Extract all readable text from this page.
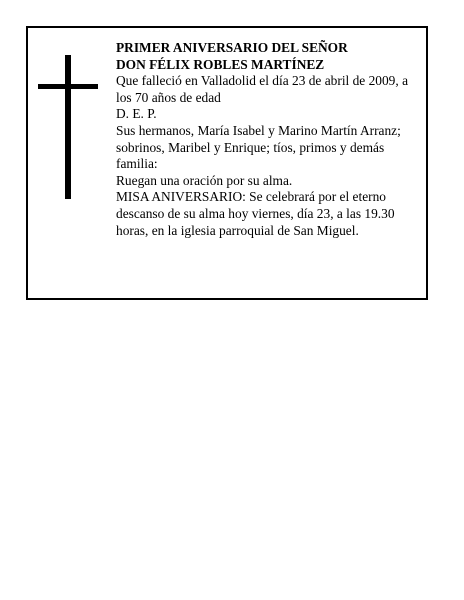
PRIMER ANIVERSARIO DEL SEÑOR

DON FÉLIX ROBLES MARTÍNEZ

Que falleció en Valladolid el día 23 de abril de 2009, a los 70 años de edad

D. E. P.

Sus hermanos, María Isabel y Marino Martín Arranz; sobrinos, Maribel y Enrique; tíos, primos y demás familia:

Ruegan una oración por su alma.

MISA ANIVERSARIO: Se celebrará por el eterno descanso de su alma hoy viernes, día 23, a las 19.30 horas, en la iglesia parroquial de San Miguel.
